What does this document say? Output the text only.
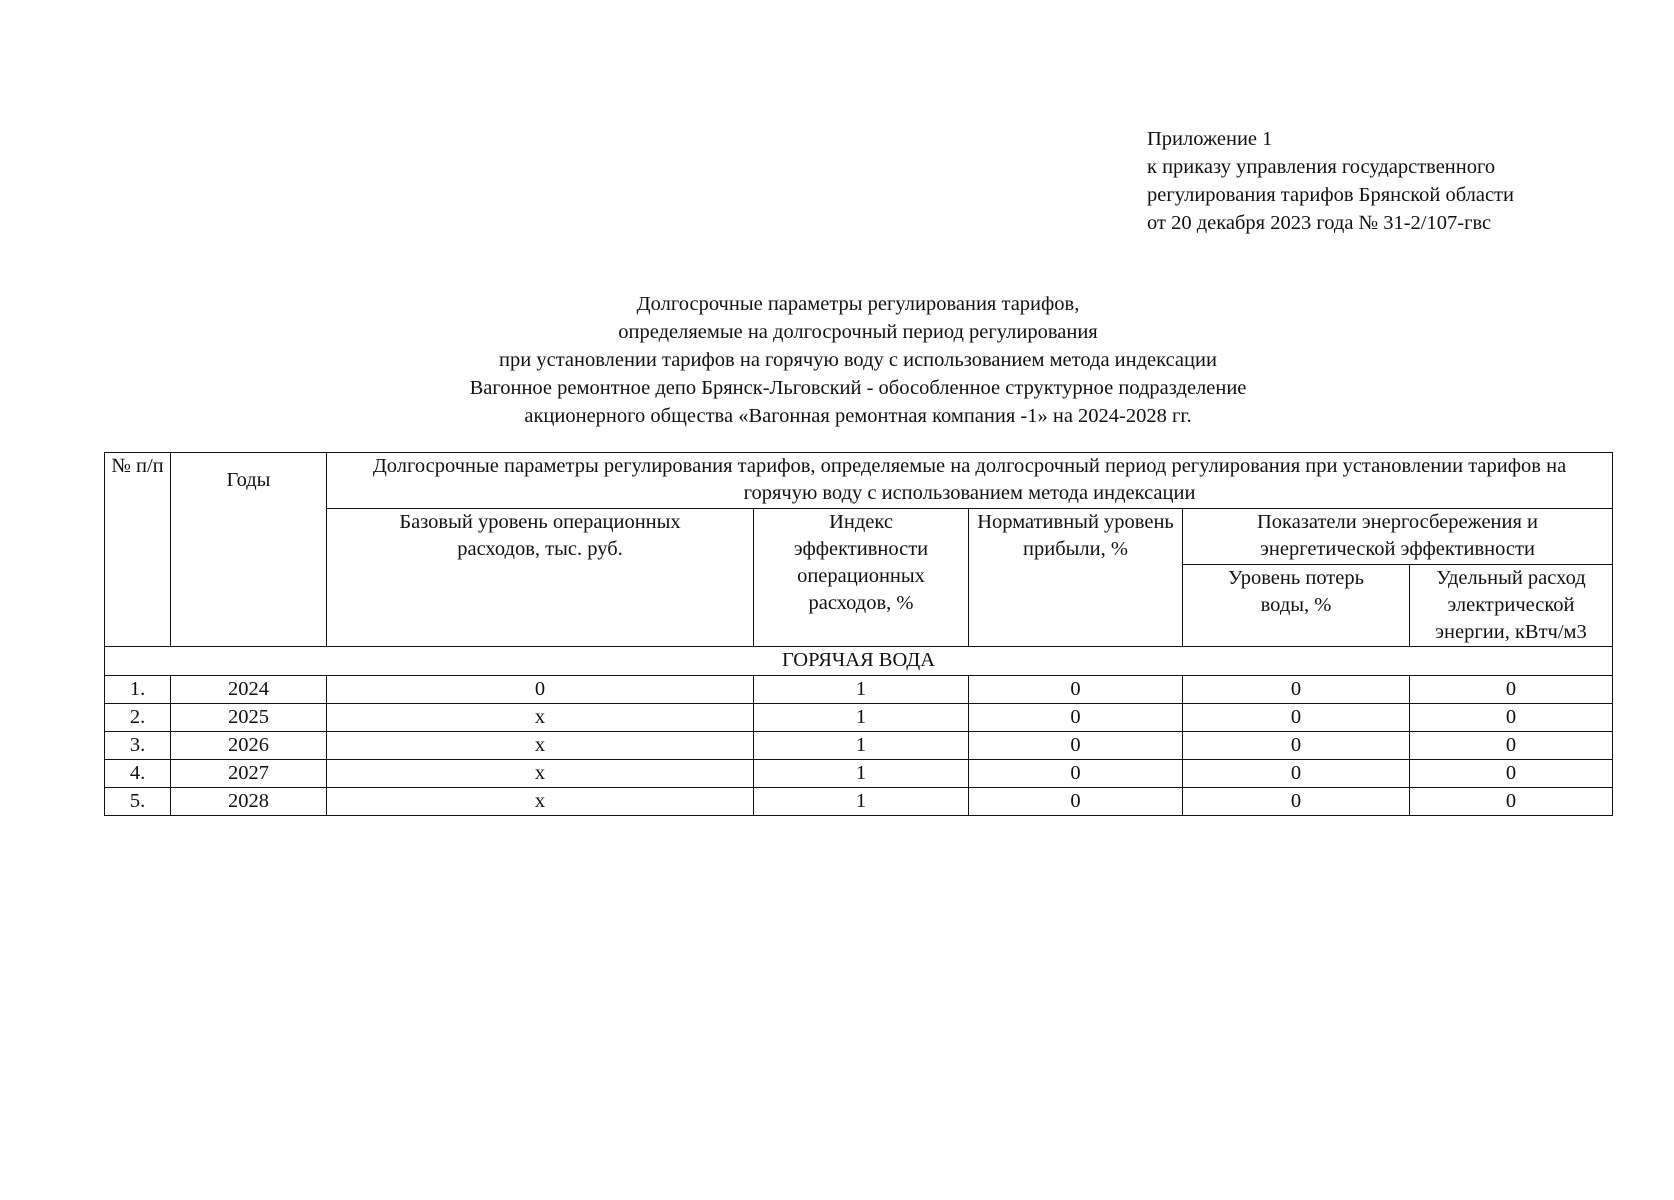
Приложение 1
к приказу управления государственного
регулирования тарифов Брянской области
от 20 декабря 2023 года № 31-2/107-гвс
Долгосрочные параметры регулирования тарифов,
определяемые на долгосрочный период регулирования
при установлении тарифов на горячую воду с использованием метода индексации
Вагонное ремонтное депо Брянск-Льговский - обособленное структурное подразделение
акционерного общества «Вагонная ремонтная компания -1» на 2024-2028 гг.
№ п/п	Годы	Долгосрочные параметры регулирования тарифов, определяемые на долгосрочный период регулирования при установлении тарифов на горячую воду с использованием метода индексации				
		Базовый уровень операционных расходов, тыс. руб.	Индекс эффективности операционных расходов, %	Нормативный уровень прибыли, %	Показатели энергосбережения и энергетической эффективности	
					Уровень потерь воды, %	Удельный расход электрической энергии, кВтч/м3
ГОРЯЧАЯ ВОДА						
1.	2024	0	1	0	0	0
2.	2025	х	1	0	0	0
3.	2026	х	1	0	0	0
4.	2027	х	1	0	0	0
5.	2028	х	1	0	0	0
